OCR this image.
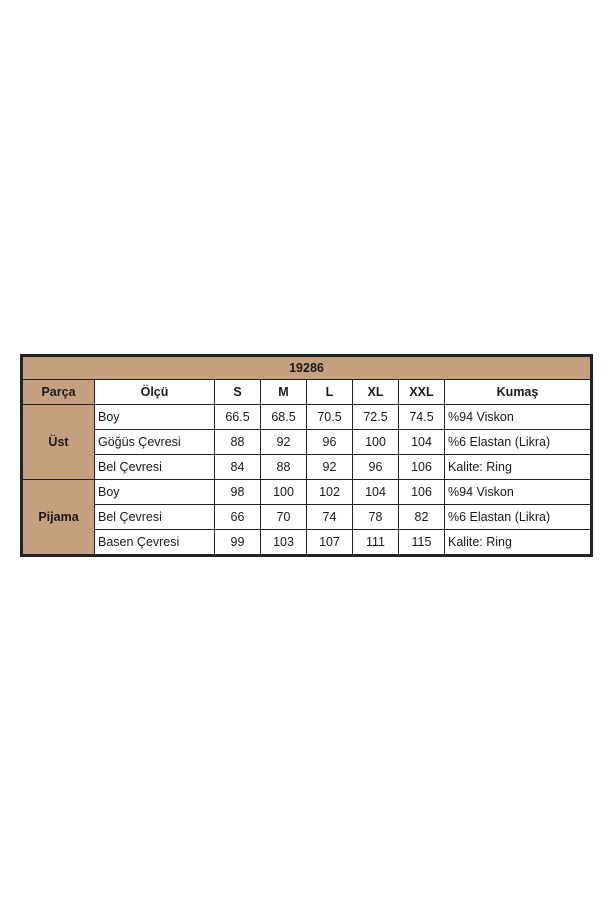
19286							
Parça	Ölçü	S	M	L	XL	XXL	Kumaş
Üst	Boy	66.5	68.5	70.5	72.5	74.5	%94 Viskon
	Göğüs Çevresi	88	92	96	100	104	%6 Elastan (Likra)
	Bel Çevresi	84	88	92	96	106	Kalite: Ring
Pijama	Boy	98	100	102	104	106	%94 Viskon
	Bel Çevresi	66	70	74	78	82	%6 Elastan (Likra)
	Basen Çevresi	99	103	107	111	115	Kalite: Ring
